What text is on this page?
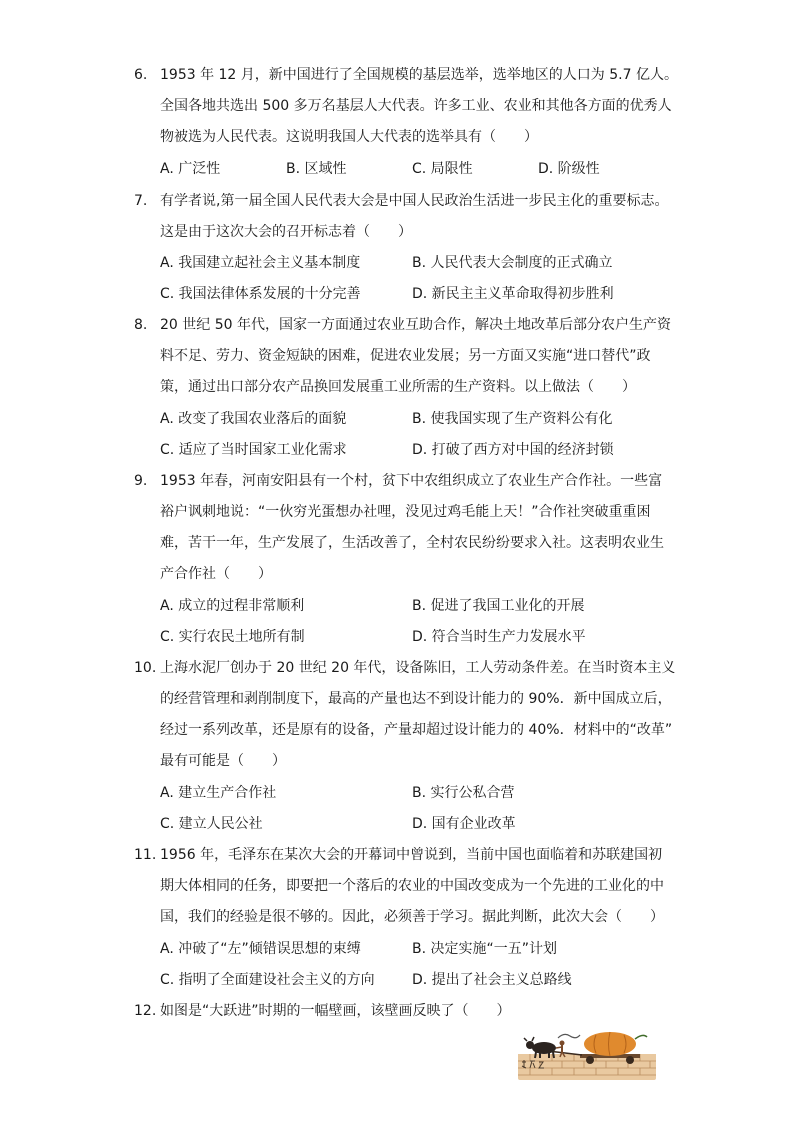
6. 1953 年 12 月，新中国进行了全国规模的基层选举，选举地区的人口为 5.7 亿人。
全国各地共选出 500 多万名基层人大代表。许多工业、农业和其他各方面的优秀人
物被选为人民代表。这说明我国人大代表的选举具有（　　）
A. 广泛性	B. 区域性	C. 局限性	D. 阶级性
7. 有学者说,第一届全国人民代表大会是中国人民政治生活进一步民主化的重要标志。
这是由于这次大会的召开标志着（　　）
A. 我国建立起社会主义基本制度	B. 人民代表大会制度的正式确立
C. 我国法律体系发展的十分完善	D. 新民主主义革命取得初步胜利
8. 20 世纪 50 年代，国家一方面通过农业互助合作，解决土地改革后部分农户生产资
料不足、劳力、资金短缺的困难，促进农业发展；另一方面又实施“进口替代”政
策，通过出口部分农产品换回发展重工业所需的生产资料。以上做法（　　）
A. 改变了我国农业落后的面貌	B. 使我国实现了生产资料公有化
C. 适应了当时国家工业化需求	D. 打破了西方对中国的经济封锁
9. 1953 年春，河南安阳县有一个村，贫下中农组织成立了农业生产合作社。一些富
裕户讽刺地说：“一伙穷光蛋想办社哩，没见过鸡毛能上天！”合作社突破重重困
难，苦干一年，生产发展了，生活改善了，全村农民纷纷要求入社。这表明农业生
产合作社（　　）
A. 成立的过程非常顺利	B. 促进了我国工业化的开展
C. 实行农民土地所有制	D. 符合当时生产力发展水平
10. 上海水泥厂创办于 20 世纪 20 年代，设备陈旧，工人劳动条件差。在当时资本主义
的经营管理和剥削制度下，最高的产量也达不到设计能力的 90%．新中国成立后，
经过一系列改革，还是原有的设备，产量却超过设计能力的 40%．材料中的“改革”
最有可能是（　　）
A. 建立生产合作社	B. 实行公私合营
C. 建立人民公社	D. 国有企业改革
11. 1956 年，毛泽东在某次大会的开幕词中曾说到，当前中国也面临着和苏联建国初
期大体相同的任务，即要把一个落后的农业的中国改变成为一个先进的工业化的中
国，我们的经验是很不够的。因此，必须善于学习。据此判断，此次大会（　　）
A. 冲破了“左”倾错误思想的束缚	B. 决定实施“一五”计划
C. 指明了全面建设社会主义的方向	D. 提出了社会主义总路线
12. 如图是“大跃进”时期的一幅壁画，该壁画反映了（　　）
